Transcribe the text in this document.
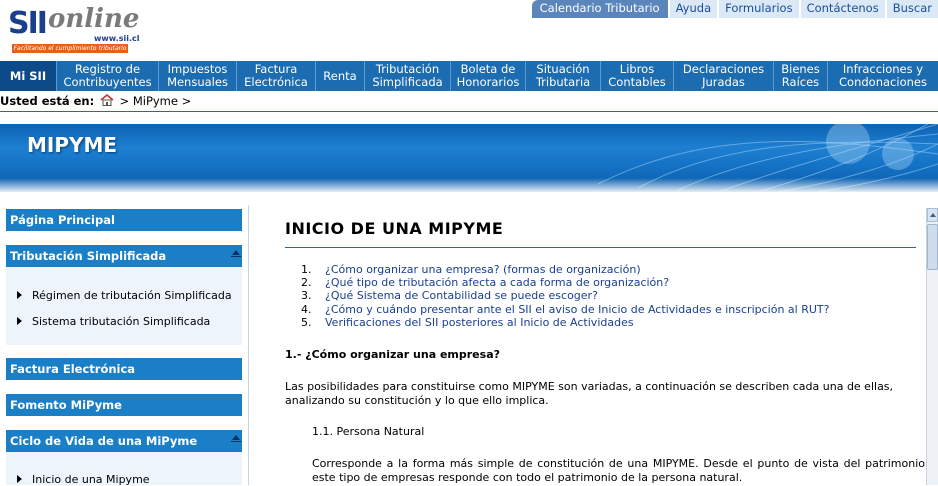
SII online
www.sii.cl
Facilitando el cumplimiento tributario
Calendario Tributario	Ayuda	Formularios	Contáctenos	Buscar
Mi SII	Registro de
Contribuyentes
Impuestos
Mensuales
Factura
Electrónica	Renta	Tributación
Simplificada
Boleta de
Honorarios
Situación
Tributaria
Libros
Contables
Declaraciones
Juradas
Bienes
Raíces
Infracciones y
Condonaciones
Usted está en: > MiPyme >
MIPYME
Página Principal
Tributación Simplificada
Régimen de tributación Simplificada
Sistema tributación Simplificada
Factura Electrónica
Fomento MiPyme
Ciclo de Vida de una MiPyme
Inicio de una Mipyme
INICIO DE UNA MIPYME
1.	¿Cómo organizar una empresa? (formas de organización)
2.	¿Qué tipo de tributación afecta a cada forma de organización?
3.	¿Qué Sistema de Contabilidad se puede escoger?
4.	¿Cómo y cuándo presentar ante el SII el aviso de Inicio de Actividades e inscripción al RUT?
5.	Verificaciones del SII posteriores al Inicio de Actividades
1.- ¿Cómo organizar una empresa?
Las posibilidades para constituirse como MIPYME son variadas, a continuación se describen cada una de ellas, analizando su constitución y lo que ello implica.
1.1. Persona Natural
Corresponde a la forma más simple de constitución de una MIPYME. Desde el punto de vista del patrimonio este tipo de empresas responde con todo el patrimonio de la persona natural.
